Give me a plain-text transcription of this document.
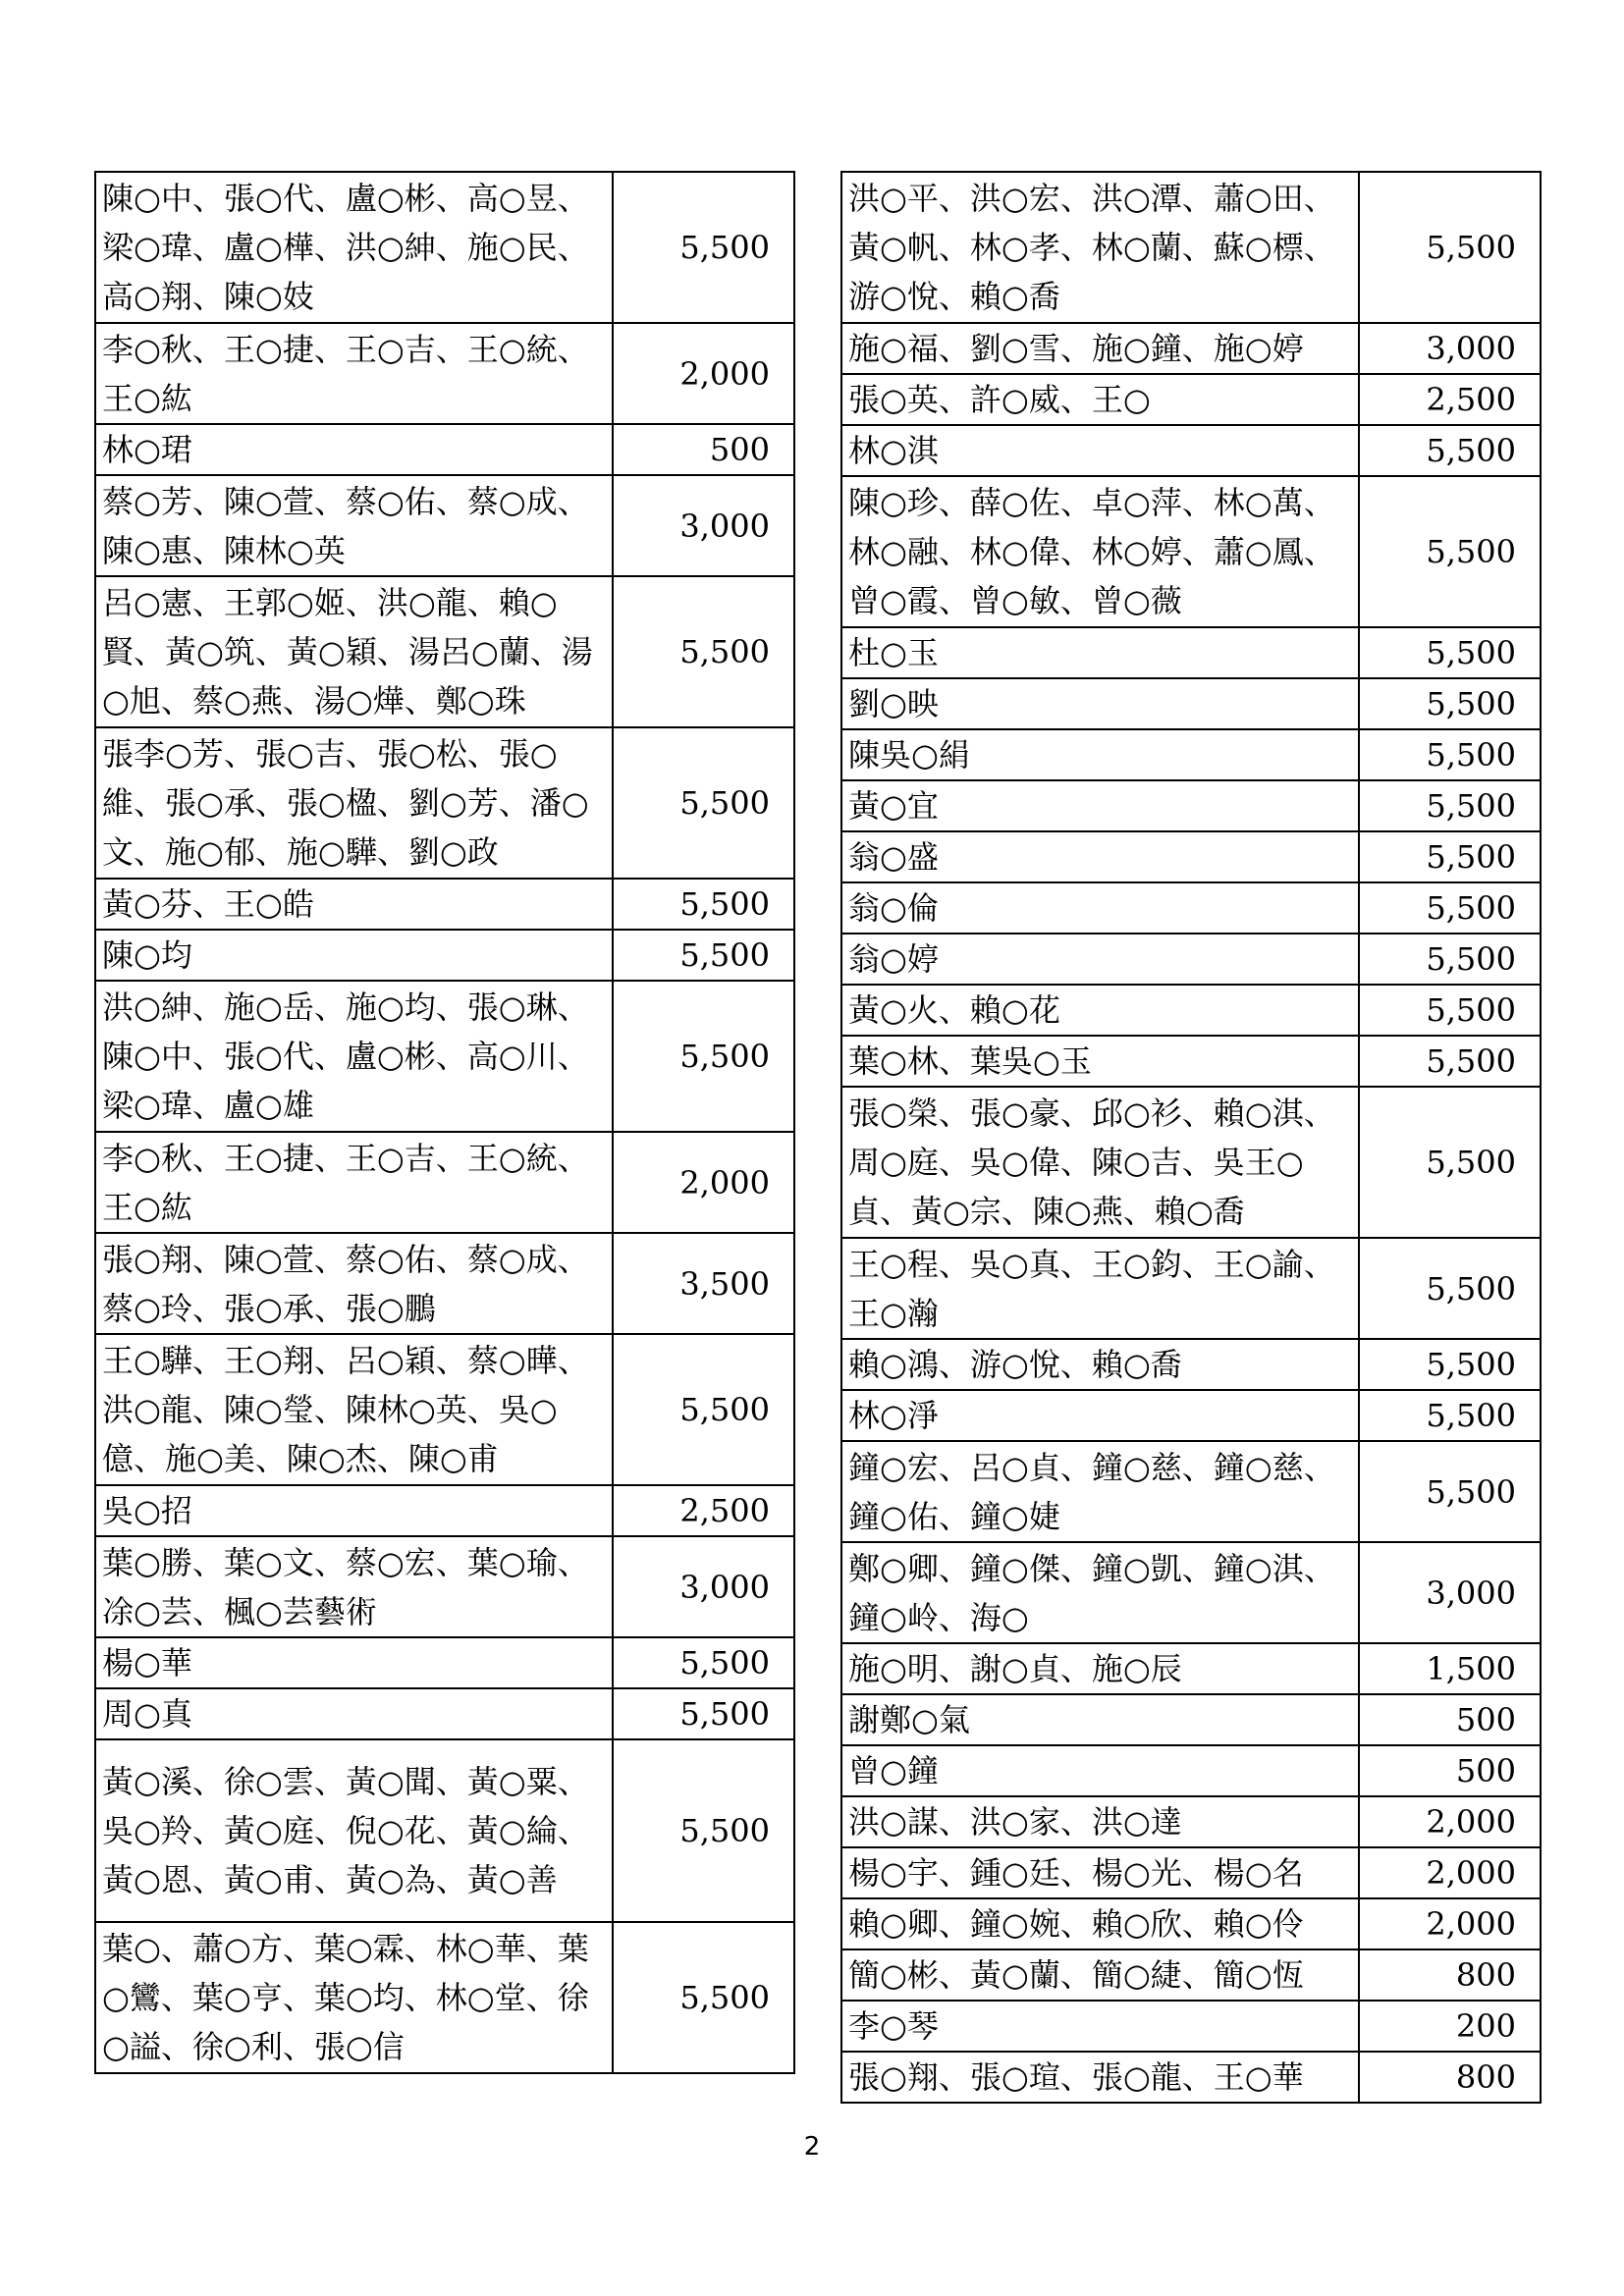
陳○中、張○代、盧○彬、高○昱、梁○瑋、盧○樺、洪○紳、施○民、高○翔、陳○妓	5,500
李○秋、王○捷、王○吉、王○統、王○紘	2,000
林○珺	500
蔡○芳、陳○萱、蔡○佑、蔡○成、陳○惠、陳林○英	3,000
呂○憲、王郭○姬、洪○龍、賴○賢、黃○筑、黃○穎、湯呂○蘭、湯○旭、蔡○燕、湯○燁、鄭○珠	5,500
張李○芳、張○吉、張○松、張○維、張○承、張○楹、劉○芳、潘○文、施○郁、施○驊、劉○政	5,500
黃○芬、王○皓	5,500
陳○均	5,500
洪○紳、施○岳、施○均、張○琳、陳○中、張○代、盧○彬、高○川、梁○瑋、盧○雄	5,500
李○秋、王○捷、王○吉、王○統、王○紘	2,000
張○翔、陳○萱、蔡○佑、蔡○成、蔡○玲、張○承、張○鵬	3,500
王○驊、王○翔、呂○穎、蔡○曄、洪○龍、陳○瑩、陳林○英、吳○億、施○美、陳○杰、陳○甫	5,500
吳○招	2,500
葉○勝、葉○文、蔡○宏、葉○瑜、凃○芸、楓○芸藝術	3,000
楊○華	5,500
周○真	5,500
黃○溪、徐○雲、黃○聞、黃○粟、吳○羚、黃○庭、倪○花、黃○綸、黃○恩、黃○甫、黃○為、黃○善	5,500
葉○、蕭○方、葉○霖、林○華、葉○鸞、葉○亨、葉○均、林○堂、徐○謚、徐○利、張○信	5,500
洪○平、洪○宏、洪○潭、蕭○田、黃○帆、林○孝、林○蘭、蘇○標、游○悅、賴○喬	5,500
施○福、劉○雪、施○鐘、施○婷	3,000
張○英、許○威、王○	2,500
林○淇	5,500
陳○珍、薛○佐、卓○萍、林○萬、林○融、林○偉、林○婷、蕭○鳳、曾○霞、曾○敏、曾○薇	5,500
杜○玉	5,500
劉○映	5,500
陳吳○絹	5,500
黃○宜	5,500
翁○盛	5,500
翁○倫	5,500
翁○婷	5,500
黃○火、賴○花	5,500
葉○林、葉吳○玉	5,500
張○榮、張○豪、邱○衫、賴○淇、周○庭、吳○偉、陳○吉、吳王○貞、黃○宗、陳○燕、賴○喬	5,500
王○程、吳○真、王○鈞、王○諭、王○瀚	5,500
賴○鴻、游○悅、賴○喬	5,500
林○淨	5,500
鐘○宏、呂○貞、鐘○慈、鐘○慈、鐘○佑、鐘○婕	5,500
鄭○卿、鐘○傑、鐘○凱、鐘○淇、鐘○岭、海○	3,000
施○明、謝○貞、施○辰	1,500
謝鄭○氣	500
曾○鐘	500
洪○謀、洪○家、洪○達	2,000
楊○宇、鍾○廷、楊○光、楊○名	2,000
賴○卿、鐘○婉、賴○欣、賴○伶	2,000
簡○彬、黃○蘭、簡○緁、簡○恆	800
李○琴	200
張○翔、張○瑄、張○龍、王○華	800
2
